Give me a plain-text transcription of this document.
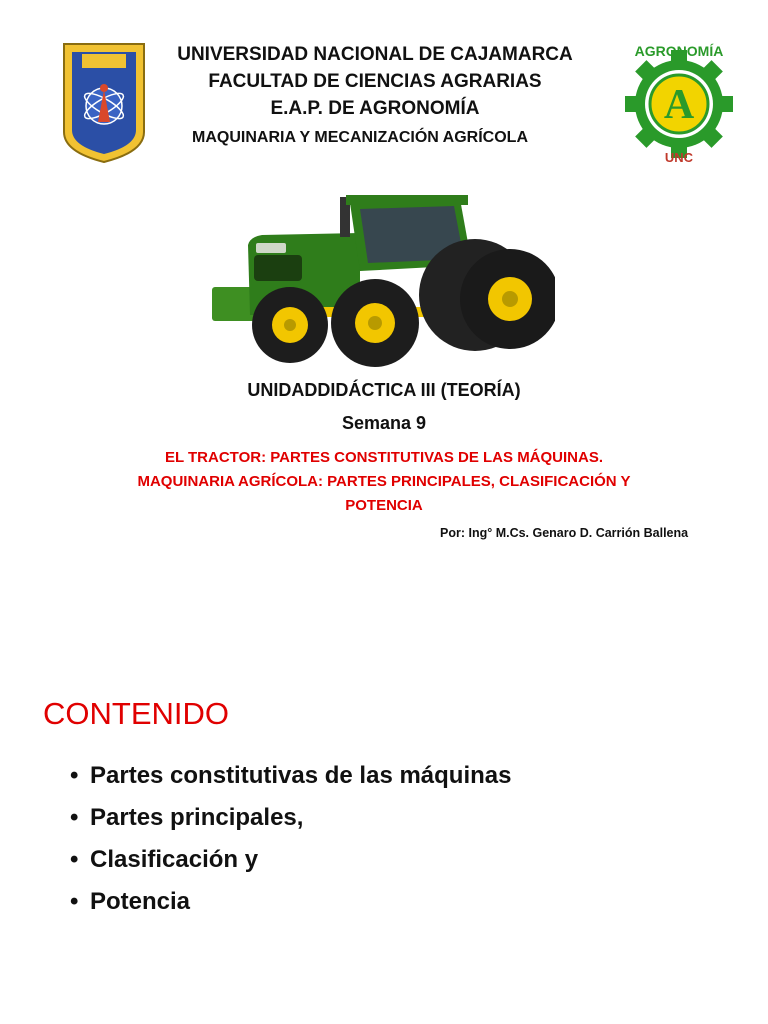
A
AGRONOMÍA
UNC
UNIVERSIDAD NACIONAL DE CAJAMARCA
FACULTAD DE CIENCIAS AGRARIAS
E.A.P. DE AGRONOMÍA
MAQUINARIA Y MECANIZACIÓN AGRÍCOLA
UNIDADDIDÁCTICA III (TEORÍA)
Semana 9
EL TRACTOR: PARTES CONSTITUTIVAS DE LAS MÁQUINAS.
MAQUINARIA AGRÍCOLA: PARTES PRINCIPALES, CLASIFICACIÓN Y
POTENCIA
Por: Ing° M.Cs. Genaro D. Carrión Ballena
CONTENIDO
• Partes constitutivas de las máquinas
• Partes principales,
• Clasificación y
• Potencia
